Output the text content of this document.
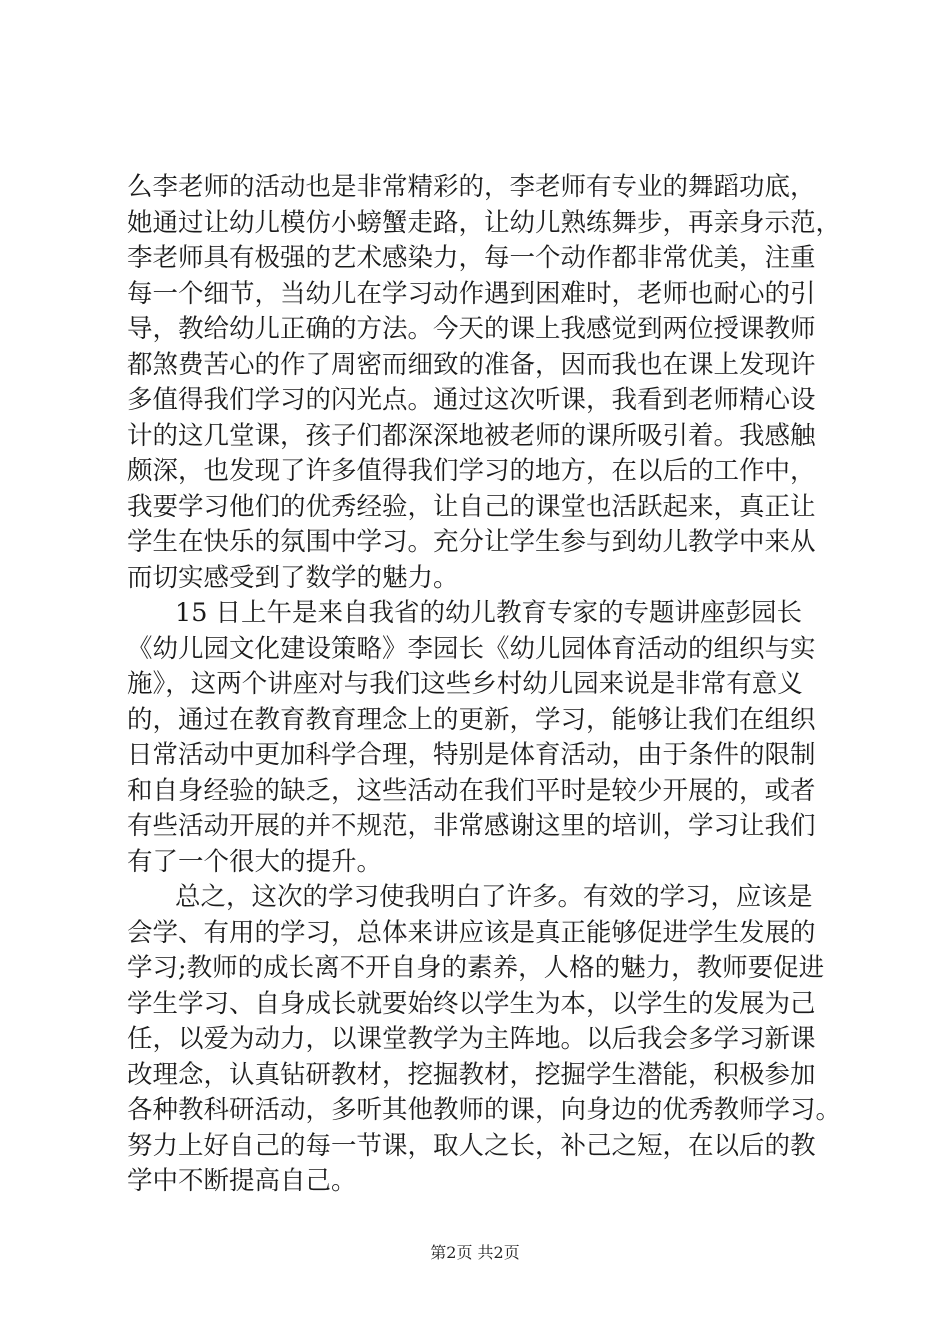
么李老师的活动也是非常精彩的，李老师有专业的舞蹈功底，
她通过让幼儿模仿小螃蟹走路，让幼儿熟练舞步，再亲身示范，
李老师具有极强的艺术感染力，每一个动作都非常优美，注重
每一个细节，当幼儿在学习动作遇到困难时，老师也耐心的引
导，教给幼儿正确的方法。今天的课上我感觉到两位授课教师
都煞费苦心的作了周密而细致的准备，因而我也在课上发现许
多值得我们学习的闪光点。通过这次听课，我看到老师精心设
计的这几堂课，孩子们都深深地被老师的课所吸引着。我感触
颇深，也发现了许多值得我们学习的地方，在以后的工作中，
我要学习他们的优秀经验，让自己的课堂也活跃起来，真正让
学生在快乐的氛围中学习。充分让学生参与到幼儿教学中来从
而切实感受到了数学的魅力。
15 日上午是来自我省的幼儿教育专家的专题讲座彭园长
《幼儿园文化建设策略》李园长《幼儿园体育活动的组织与实
施》，这两个讲座对与我们这些乡村幼儿园来说是非常有意义
的，通过在教育教育理念上的更新，学习，能够让我们在组织
日常活动中更加科学合理，特别是体育活动，由于条件的限制
和自身经验的缺乏，这些活动在我们平时是较少开展的，或者
有些活动开展的并不规范，非常感谢这里的培训，学习让我们
有了一个很大的提升。
总之，这次的学习使我明白了许多。有效的学习，应该是
会学、有用的学习，总体来讲应该是真正能够促进学生发展的
学习;教师的成长离不开自身的素养，人格的魅力，教师要促进
学生学习、自身成长就要始终以学生为本，以学生的发展为己
任，以爱为动力，以课堂教学为主阵地。以后我会多学习新课
改理念，认真钻研教材，挖掘教材，挖掘学生潜能，积极参加
各种教科研活动，多听其他教师的课，向身边的优秀教师学习。
努力上好自己的每一节课，取人之长，补己之短，在以后的教
学中不断提高自己。
第2页 共2页
